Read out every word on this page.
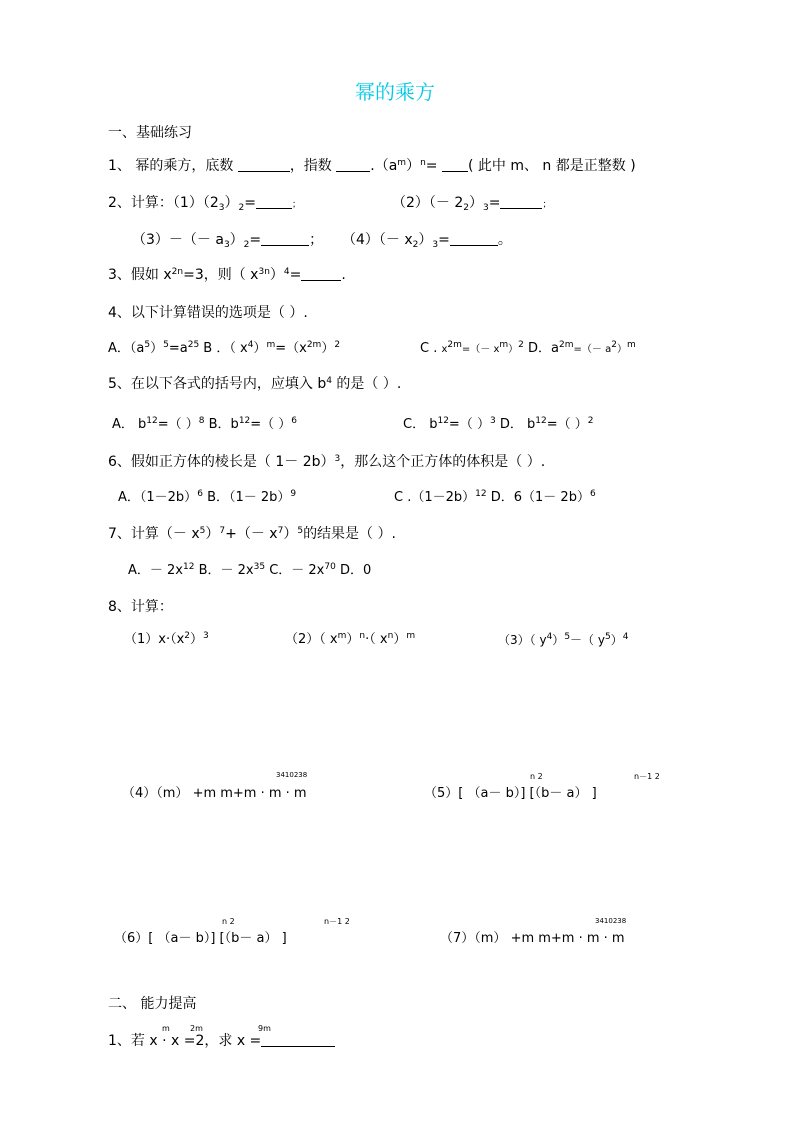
幂的乘方
一、基础练习
1、 幂的乘方，底数	，指数 $.(a^m)^n=$ ( 此中 m、 n 都是正整数 )
2、计算：$(1)(2_3)_2=$	；	$(2)(- 2_2)_3=$	；
$(3)-(- a_3)_2=$	； $(4)(- x_2)_3=$	。
3、假如 $x^{2n}=3$，则（ $x^{3n})^4=$	.
4、以下计算错误的选项是（ ）.
A．$(a^5)^5=a^{25}$ B ．（ $x^4)^m=(x^{2m})^2$	C . $x^{2m}=(- x^m)^2$ D．$a^{2m}=(- a^2)^m$
5、在以下各式的括号内，应填入 $b^4$ 的是（ ）.
A． $b^{12}=$（ ）$^8$ B．$b^{12}=$（ ）$^6$	C． $b^{12}=$（ ）$^3$ D． $b^{12}=$（ ）$^2$
6、假如正方体的棱长是（ 1－ 2b）$^3$，那么这个正方体的体积是（ ）.
A．$(1-2b)^6$ B．$(1- 2b)^9$	C $.(1-2b)^{12}$ D．$6(1- 2b)^6$
7、计算（－ $x^5)^7+(- x^7)^5$的结果是（ ）.
A．－ $2x^{12}$ B．－ $2x^{35}$ C．－ $2x^{70}$ D．0
8、计算：
$(1)x\cdot(x^2)^3$	（2）（ $x^m)^n\cdot$（ $x^n)^m$	（3）（ $y^4)^5-$（ $y^5)^4$
3410238
（4）（m） +m m+m · m · m
n 2	n－1 2
（5）[ （a－ b）] [（b－ a） ]
n 2	n－1 2
（6）[ （a－ b）] [（b－ a） ]
3410238
（7）（m） +m m+m · m · m
二、 能力提高
m	2m	9m
1、若 x · x =2，求 x =
